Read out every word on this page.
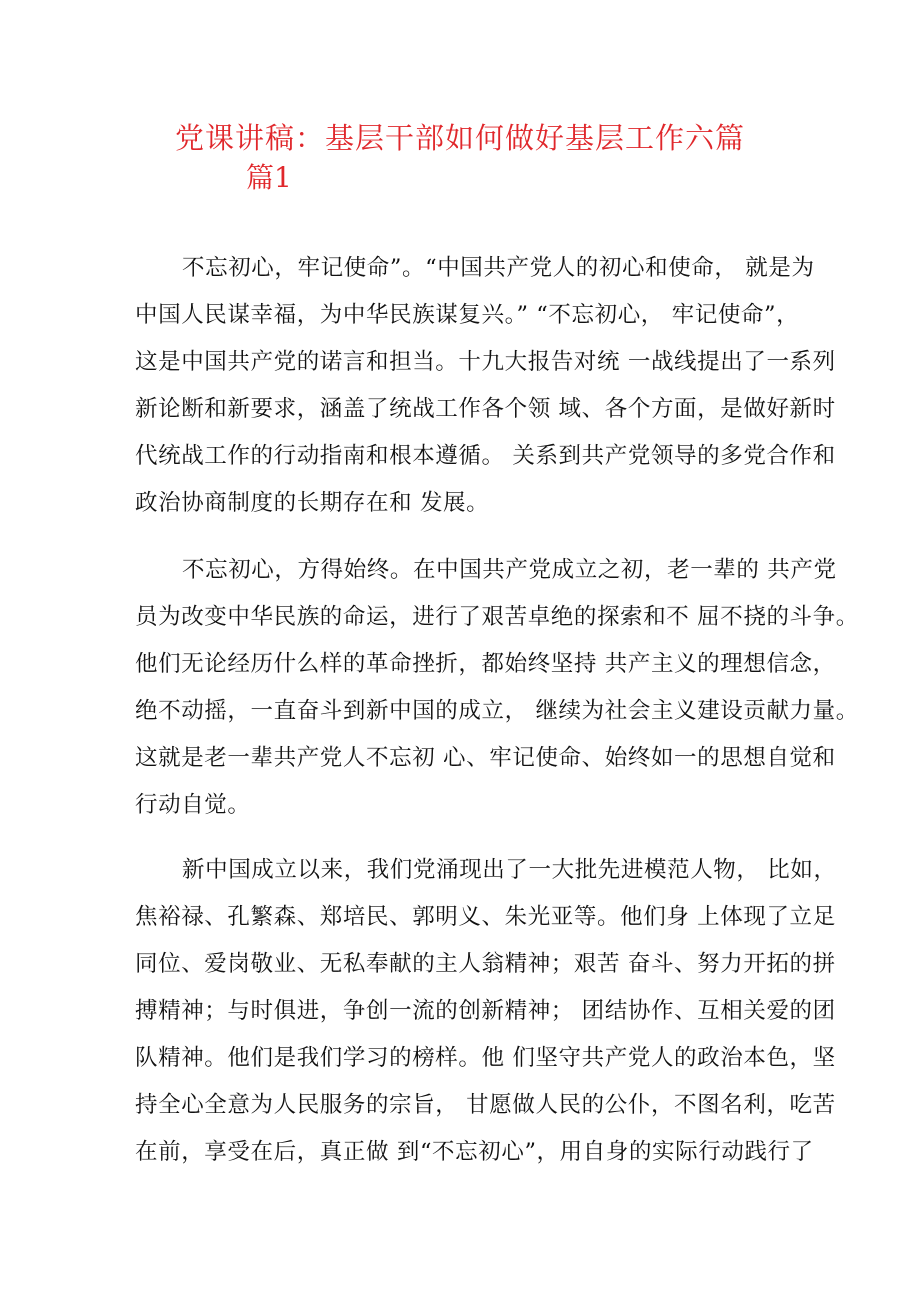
党课讲稿：基层干部如何做好基层工作六篇
篇1
不忘初心，牢记使命”。“中国共产党人的初心和使命， 就是为
中国人民谋幸福，为中华民族谋复兴。” “不忘初心， 牢记使命”，
这是中国共产党的诺言和担当。十九大报告对统 一战线提出了一系列
新论断和新要求，涵盖了统战工作各个领 域、各个方面，是做好新时
代统战工作的行动指南和根本遵循。 关系到共产党领导的多党合作和
政治协商制度的长期存在和 发展。
不忘初心，方得始终。在中国共产党成立之初，老一辈的 共产党
员为改变中华民族的命运，进行了艰苦卓绝的探索和不 屈不挠的斗争。
他们无论经历什么样的革命挫折，都始终坚持 共产主义的理想信念，
绝不动摇，一直奋斗到新中国的成立， 继续为社会主义建设贡献力量。
这就是老一辈共产党人不忘初 心、牢记使命、始终如一的思想自觉和
行动自觉。
新中国成立以来，我们党涌现出了一大批先进模范人物， 比如，
焦裕禄、孔繁森、郑培民、郭明义、朱光亚等。他们身 上体现了立足
同位、爱岗敬业、无私奉献的主人翁精神；艰苦 奋斗、努力开拓的拼
搏精神；与时俱进，争创一流的创新精神； 团结协作、互相关爱的团
队精神。他们是我们学习的榜样。他 们坚守共产党人的政治本色，坚
持全心全意为人民服务的宗旨， 甘愿做人民的公仆，不图名利，吃苦
在前，享受在后，真正做 到“不忘初心”，用自身的实际行动践行了
